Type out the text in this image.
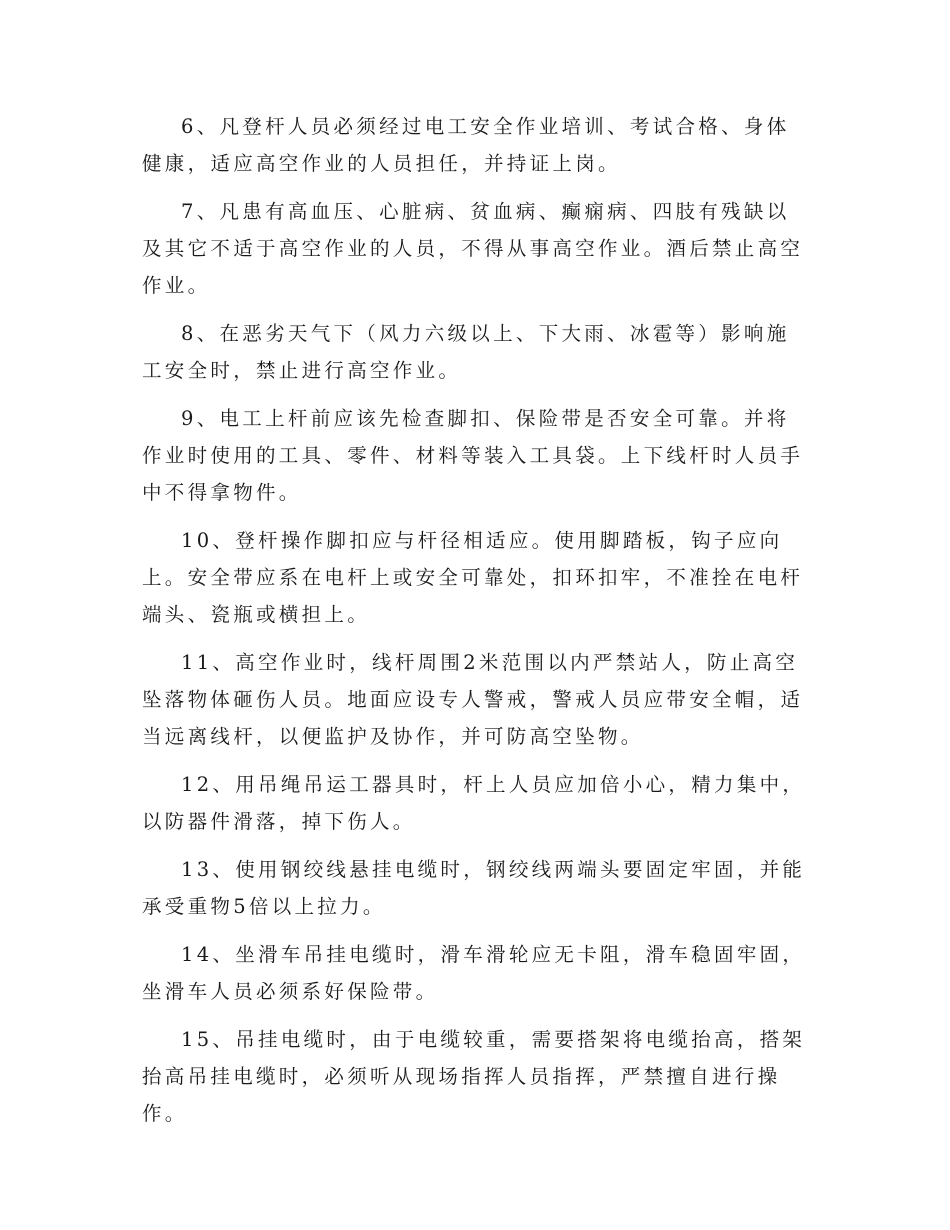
6、凡登杆人员必须经过电工安全作业培训、考试合格、身体健康，适应高空作业的人员担任，并持证上岗。

7、凡患有高血压、心脏病、贫血病、癫痫病、四肢有残缺以及其它不适于高空作业的人员，不得从事高空作业。酒后禁止高空作业。

8、在恶劣天气下（风力六级以上、下大雨、冰雹等）影响施工安全时，禁止进行高空作业。

9、电工上杆前应该先检查脚扣、保险带是否安全可靠。并将作业时使用的工具、零件、材料等装入工具袋。上下线杆时人员手中不得拿物件。

10、登杆操作脚扣应与杆径相适应。使用脚踏板，钩子应向上。安全带应系在电杆上或安全可靠处，扣环扣牢，不准拴在电杆端头、瓷瓶或横担上。

11、高空作业时，线杆周围2米范围以内严禁站人，防止高空坠落物体砸伤人员。地面应设专人警戒，警戒人员应带安全帽，适当远离线杆，以便监护及协作，并可防高空坠物。

12、用吊绳吊运工器具时，杆上人员应加倍小心，精力集中，以防器件滑落，掉下伤人。

13、使用钢绞线悬挂电缆时，钢绞线两端头要固定牢固，并能承受重物5倍以上拉力。

14、坐滑车吊挂电缆时，滑车滑轮应无卡阻，滑车稳固牢固，坐滑车人员必须系好保险带。

15、吊挂电缆时，由于电缆较重，需要搭架将电缆抬高，搭架抬高吊挂电缆时，必须听从现场指挥人员指挥，严禁擅自进行操作。
